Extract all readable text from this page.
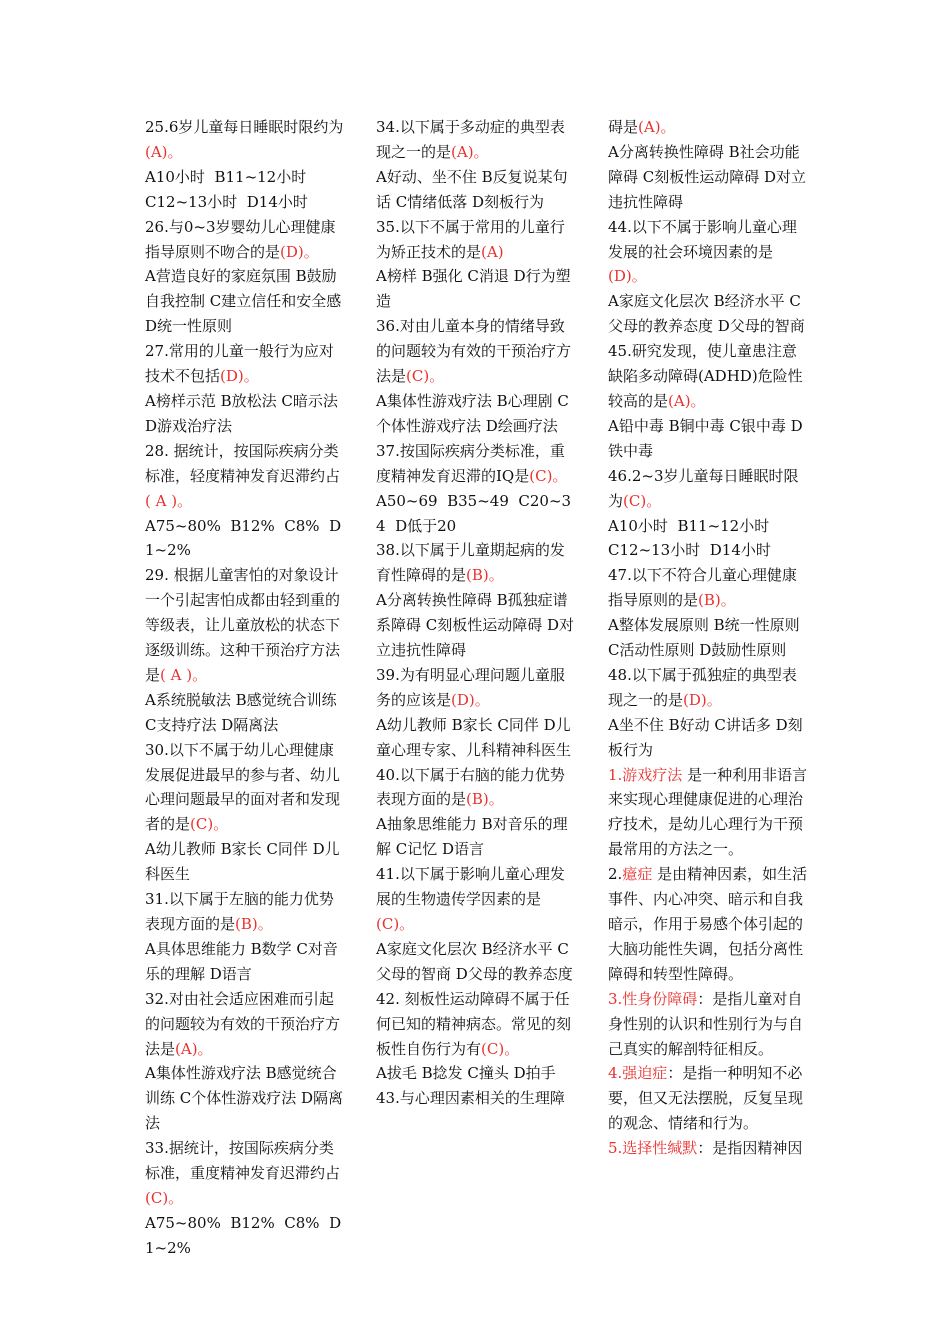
25.6岁儿童每日睡眠时限约为(A)。

A10小时  B11~12小时

C12~13小时  D14小时

26.与0~3岁婴幼儿心理健康指导原则不吻合的是(D)。

A营造良好的家庭氛围 B鼓励自我控制 C建立信任和安全感 D统一性原则

27.常用的儿童一般行为应对技术不包括(D)。

A榜样示范 B放松法 C暗示法 D游戏治疗法

28. 据统计，按国际疾病分类标准，轻度精神发育迟滞约占( A )。

A75~80%  B12%  C8%  D1~2%

29. 根据儿童害怕的对象设计一个引起害怕成都由轻到重的等级表，让儿童放松的状态下逐级训练。这种干预治疗方法是( A )。

A系统脱敏法 B感觉统合训练 C支持疗法 D隔离法

30.以下不属于幼儿心理健康发展促进最早的参与者、幼儿心理问题最早的面对者和发现者的是(C)。

A幼儿教师 B家长 C同伴 D儿科医生

31.以下属于左脑的能力优势表现方面的是(B)。

A具体思维能力 B数学 C对音乐的理解 D语言

32.对由社会适应困难而引起的问题较为有效的干预治疗方法是(A)。

A集体性游戏疗法 B感觉统合训练 C个体性游戏疗法 D隔离法

33.据统计，按国际疾病分类标准，重度精神发育迟滞约占(C)。

A75~80%  B12%  C8%  D1~2%

34.以下属于多动症的典型表现之一的是(A)。

A好动、坐不住 B反复说某句话 C情绪低落 D刻板行为

35.以下不属于常用的儿童行为矫正技术的是(A)

A榜样 B强化 C消退 D行为塑造

36.对由儿童本身的情绪导致的问题较为有效的干预治疗方法是(C)。

A集体性游戏疗法 B心理剧 C个体性游戏疗法 D绘画疗法

37.按国际疾病分类标准，重度精神发育迟滞的IQ是(C)。

A50~69  B35~49  C20~34  D低于20

38.以下属于儿童期起病的发育性障碍的是(B)。

A分离转换性障碍 B孤独症谱系障碍 C刻板性运动障碍 D对立违抗性障碍

39.为有明显心理问题儿童服务的应该是(D)。

A幼儿教师 B家长 C同伴 D儿童心理专家、儿科精神科医生

40.以下属于右脑的能力优势表现方面的是(B)。

A抽象思维能力 B对音乐的理解 C记忆 D语言

41.以下属于影响儿童心理发展的生物遗传学因素的是(C)。

A家庭文化层次 B经济水平 C父母的智商 D父母的教养态度

42. 刻板性运动障碍不属于任何已知的精神病态。常见的刻板性自伤行为有(C)。

A拔毛 B捻发 C撞头 D拍手

43.与心理因素相关的生理障

碍是(A)。

A分离转换性障碍 B社会功能障碍 C刻板性运动障碍 D对立违抗性障碍

44.以下不属于影响儿童心理发展的社会环境因素的是(D)。

A家庭文化层次 B经济水平 C父母的教养态度 D父母的智商

45.研究发现，使儿童患注意缺陷多动障碍(ADHD)危险性较高的是(A)。

A铅中毒 B铜中毒 C银中毒 D铁中毒

46.2~3岁儿童每日睡眠时限为(C)。

A10小时  B11~12小时

C12~13小时  D14小时

47.以下不符合儿童心理健康指导原则的是(B)。

A整体发展原则 B统一性原则 C活动性原则 D鼓励性原则

48.以下属于孤独症的典型表现之一的是(D)。

A坐不住 B好动 C讲话多 D刻板行为

1.游戏疗法 是一种利用非语言来实现心理健康促进的心理治疗技术，是幼儿心理行为干预最常用的方法之一。

2.癔症 是由精神因素，如生活事件、内心冲突、暗示和自我暗示，作用于易感个体引起的大脑功能性失调，包括分离性障碍和转型性障碍。

3.性身份障碍：是指儿童对自身性别的认识和性别行为与自己真实的解剖特征相反。

4.强迫症：是指一种明知不必要，但又无法摆脱，反复呈现的观念、情绪和行为。

5.选择性缄默：是指因精神因
